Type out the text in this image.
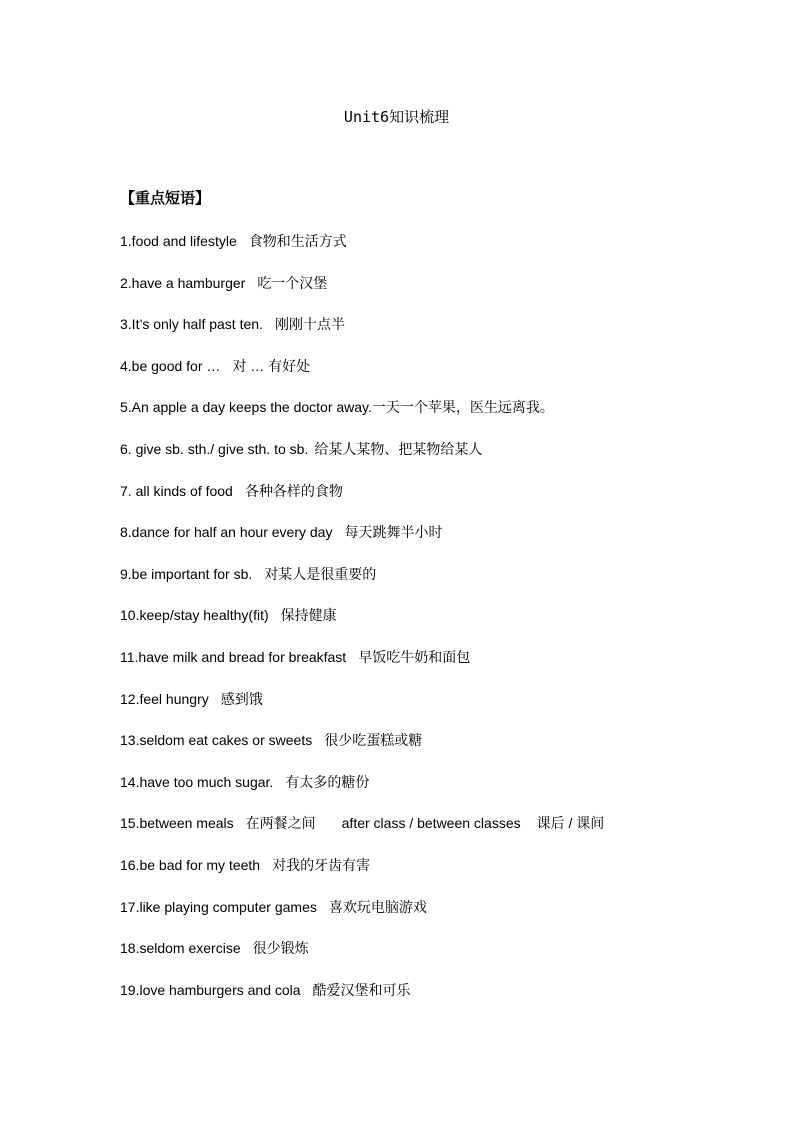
Unit6知识梳理
【重点短语】
1.food and lifestyle 食物和生活方式
2.have a hamburger 吃一个汉堡
3.It’s only half past ten. 刚刚十点半
4.be good for … 对 … 有好处
5.An apple a day keeps the doctor away. 一天一个苹果，医生远离我。
6. give sb. sth./ give sth. to sb. 给某人某物、把某物给某人
7. all kinds of food 各种各样的食物
8.dance for half an hour every day 每天跳舞半小时
9.be important for sb. 对某人是很重要的
10.keep/stay healthy(fit) 保持健康
11.have milk and bread for breakfast 早饭吃牛奶和面包
12.feel hungry 感到饿
13.seldom eat cakes or sweets 很少吃蛋糕或糖
14.have too much sugar. 有太多的糖份
15.between meals 在两餐之间 after class / between classes 课后 / 课间
16.be bad for my teeth 对我的牙齿有害
17.like playing computer games 喜欢玩电脑游戏
18.seldom exercise 很少锻炼
19.love hamburgers and cola 酷爱汉堡和可乐
